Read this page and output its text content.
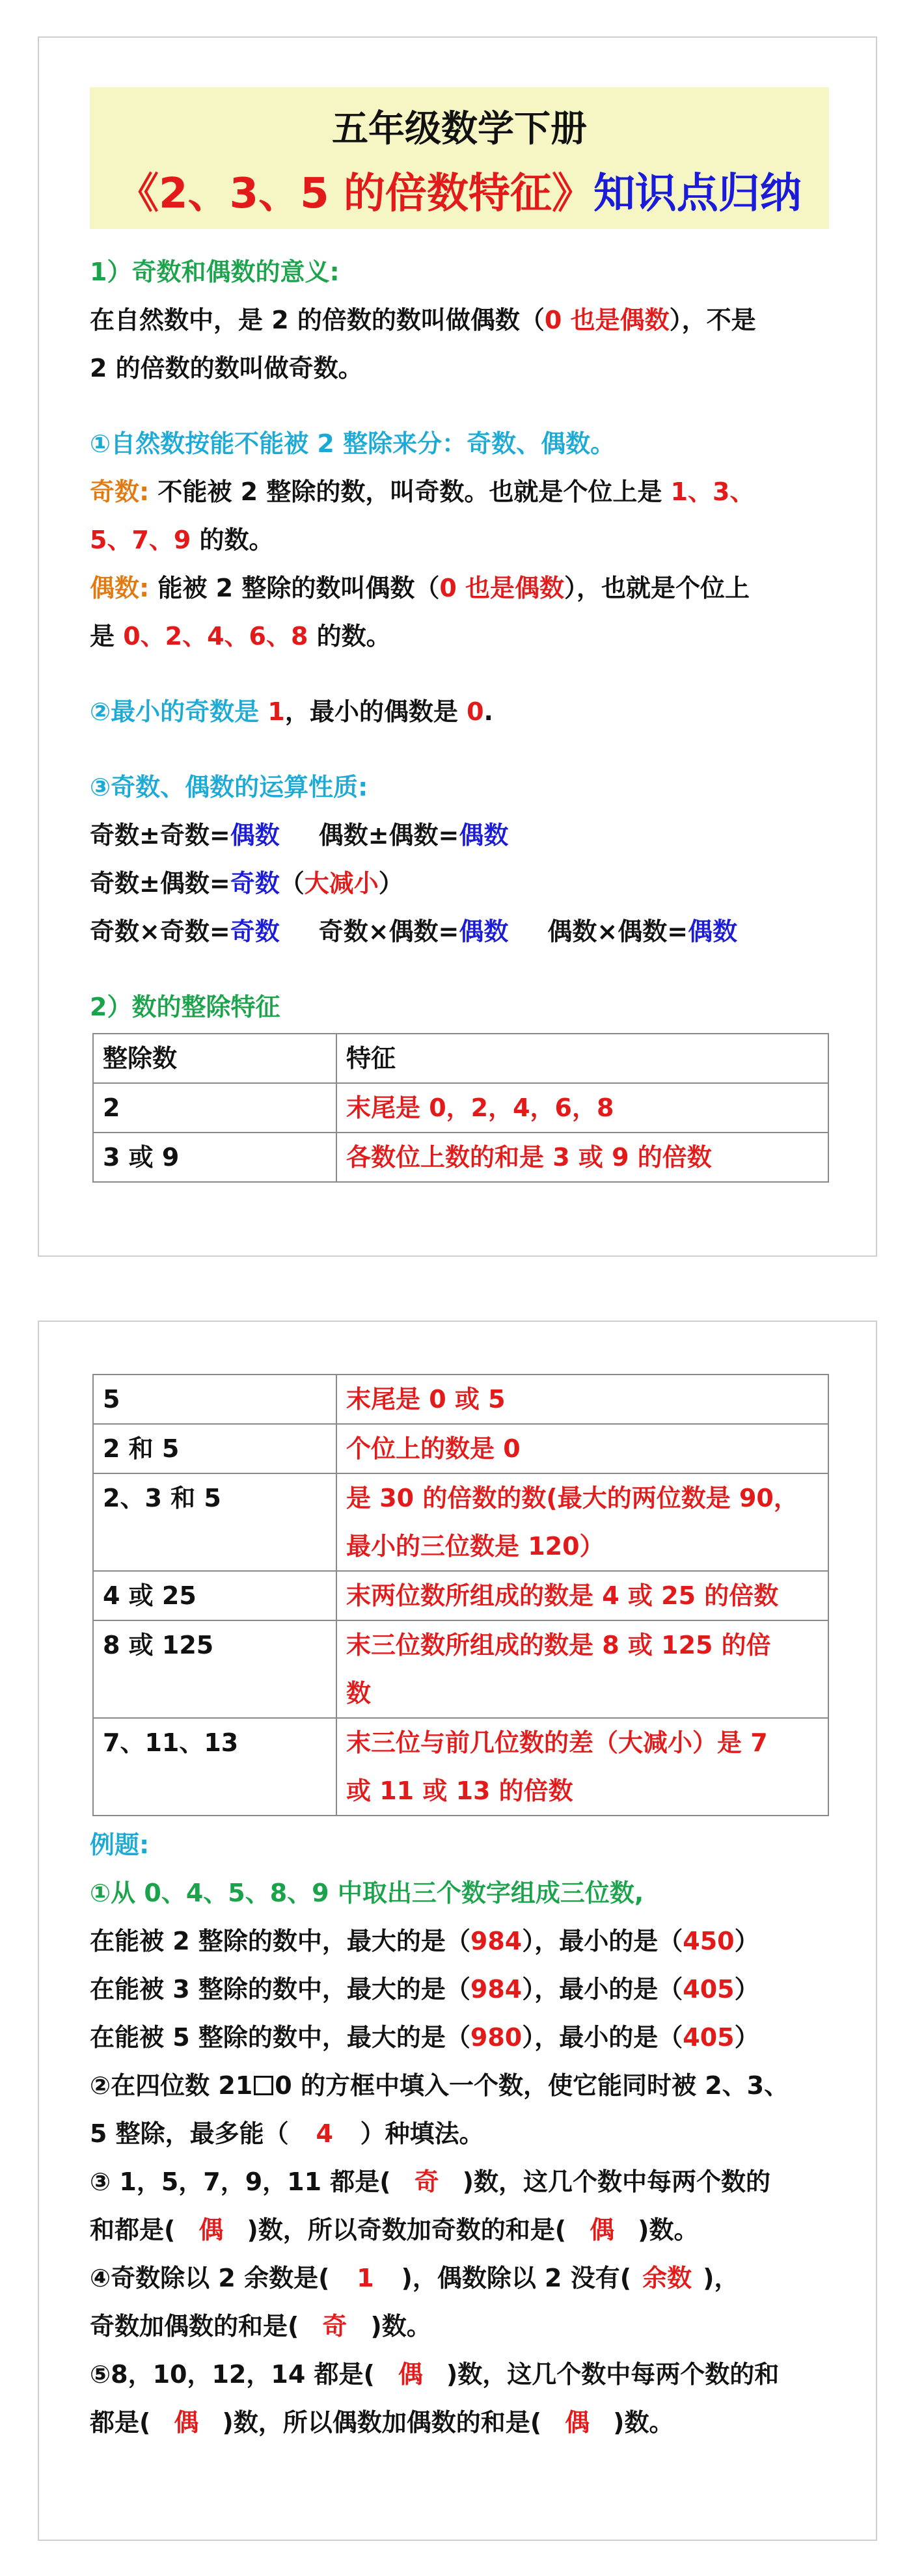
五年级数学下册
《2、3、5 的倍数特征》知识点归纳
1）奇数和偶数的意义:
在自然数中，是 2 的倍数的数叫做偶数（0 也是偶数），不是
2 的倍数的数叫做奇数。
①自然数按能不能被 2 整除来分：奇数、偶数。
奇数: 不能被 2 整除的数，叫奇数。也就是个位上是 1、3、
5、7、9 的数。
偶数: 能被 2 整除的数叫偶数（0 也是偶数），也就是个位上
是 0、2、4、6、8 的数。
②最小的奇数是 1，最小的偶数是 0.
③奇数、偶数的运算性质:
奇数±奇数=偶数 偶数±偶数=偶数
奇数±偶数=奇数（大减小）
奇数×奇数=奇数 奇数×偶数=偶数 偶数×偶数=偶数
2）数的整除特征
整除数	特征
2	末尾是 0，2，4，6，8
3 或 9	各数位上数的和是 3 或 9 的倍数
5	末尾是 0 或 5
2 和 5	个位上的数是 0
2、3 和 5	是 30 的倍数的数(最大的两位数是 90，
最小的三位数是 120）

4 或 25	末两位数所组成的数是 4 或 25 的倍数
8 或 125	末三位数所组成的数是 8 或 125 的倍
数

7、11、13	末三位与前几位数的差（大减小）是 7
或 11 或 13 的倍数
例题:
①从 0、4、5、8、9 中取出三个数字组成三位数,
在能被 2 整除的数中，最大的是（984），最小的是（450）
在能被 3 整除的数中，最大的是（984），最小的是（405）
在能被 5 整除的数中，最大的是（980），最小的是（405）
②在四位数 21 0 的方框中填入一个数，使它能同时被 2、3、
5 整除，最多能（ 4 ）种填法。
③ 1，5，7，9，11 都是( 奇 )数，这几个数中每两个数的
和都是( 偶 )数，所以奇数加奇数的和是( 偶 )数。
④奇数除以 2 余数是( 1 )，偶数除以 2 没有( 余数 )，
奇数加偶数的和是( 奇 )数。
⑤8，10，12，14 都是( 偶 )数，这几个数中每两个数的和
都是( 偶 )数，所以偶数加偶数的和是( 偶 )数。
